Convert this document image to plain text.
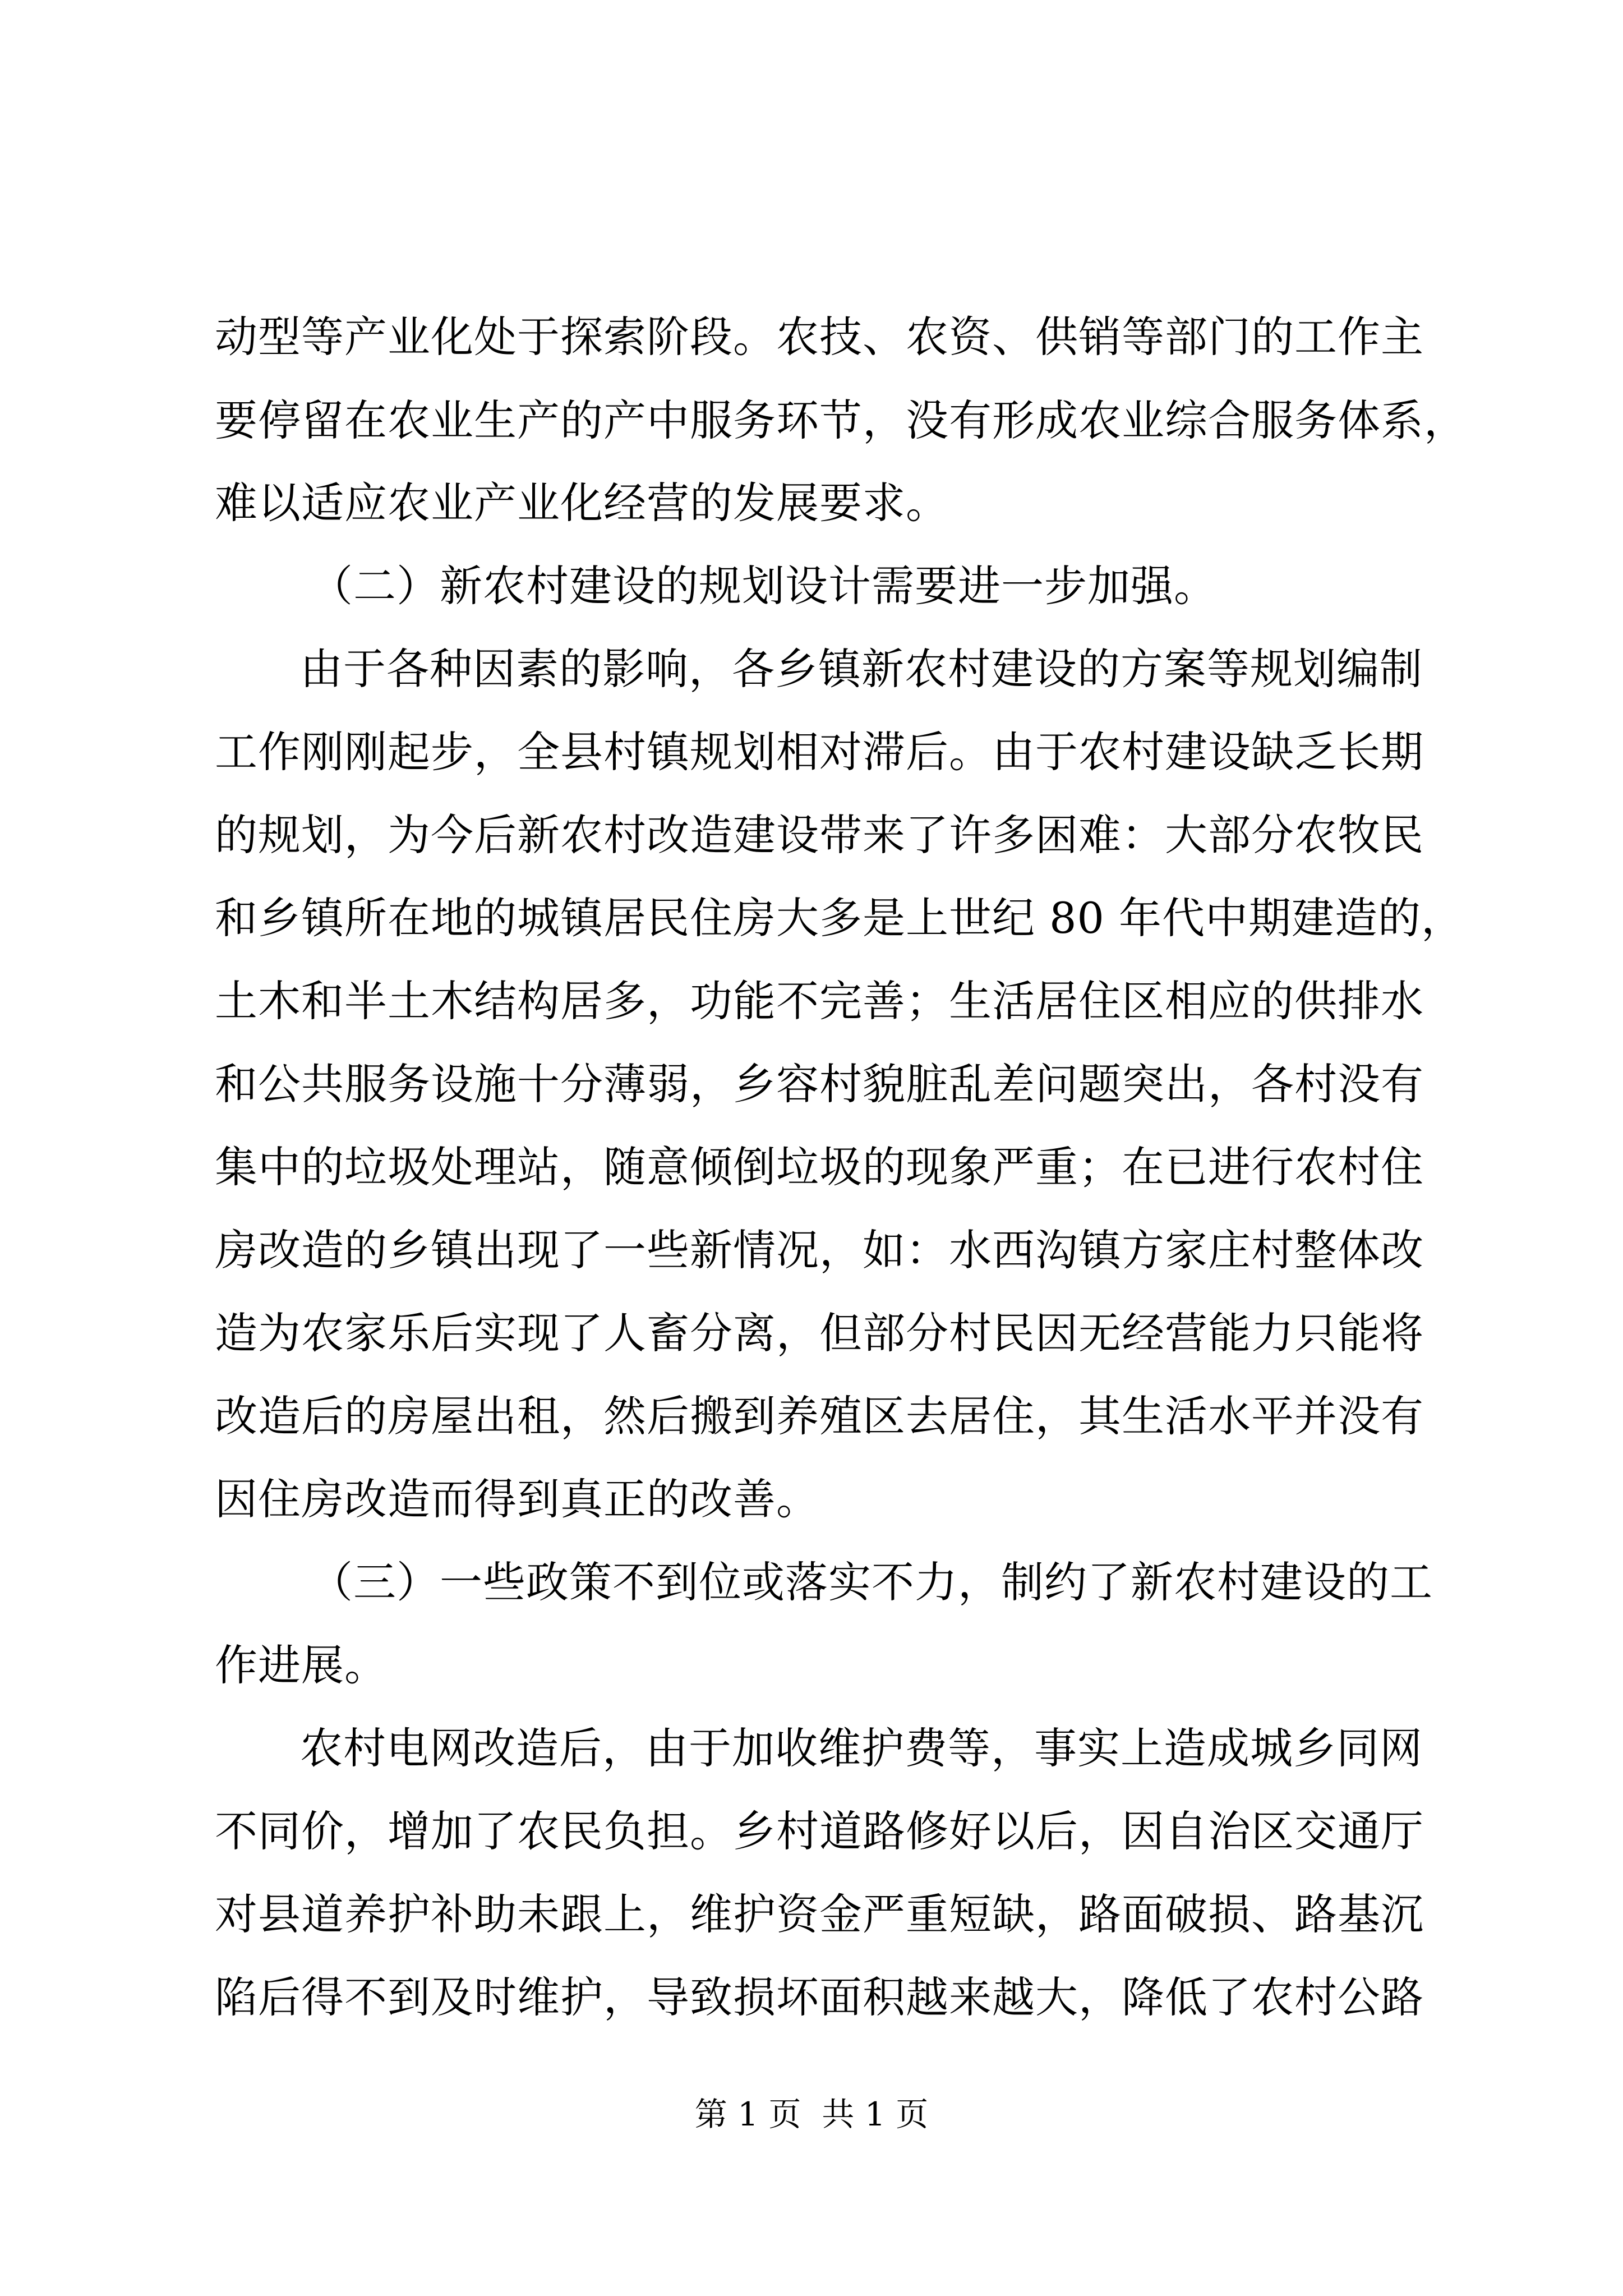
动型等产业化处于探索阶段。农技、农资、供销等部门的工作主
要停留在农业生产的产中服务环节，没有形成农业综合服务体系，
难以适应农业产业化经营的发展要求。
（二）新农村建设的规划设计需要进一步加强。
由于各种因素的影响，各乡镇新农村建设的方案等规划编制
工作刚刚起步，全县村镇规划相对滞后。由于农村建设缺乏长期
的规划，为今后新农村改造建设带来了许多困难：大部分农牧民
和乡镇所在地的城镇居民住房大多是上世纪 80 年代中期建造的，
土木和半土木结构居多，功能不完善；生活居住区相应的供排水
和公共服务设施十分薄弱，乡容村貌脏乱差问题突出，各村没有
集中的垃圾处理站，随意倾倒垃圾的现象严重；在已进行农村住
房改造的乡镇出现了一些新情况，如：水西沟镇方家庄村整体改
造为农家乐后实现了人畜分离，但部分村民因无经营能力只能将
改造后的房屋出租，然后搬到养殖区去居住，其生活水平并没有
因住房改造而得到真正的改善。
（三）一些政策不到位或落实不力，制约了新农村建设的工
作进展。
农村电网改造后，由于加收维护费等，事实上造成城乡同网
不同价，增加了农民负担。乡村道路修好以后，因自治区交通厅
对县道养护补助未跟上，维护资金严重短缺，路面破损、路基沉
陷后得不到及时维护，导致损坏面积越来越大，降低了农村公路
第 1 页  共 1 页
